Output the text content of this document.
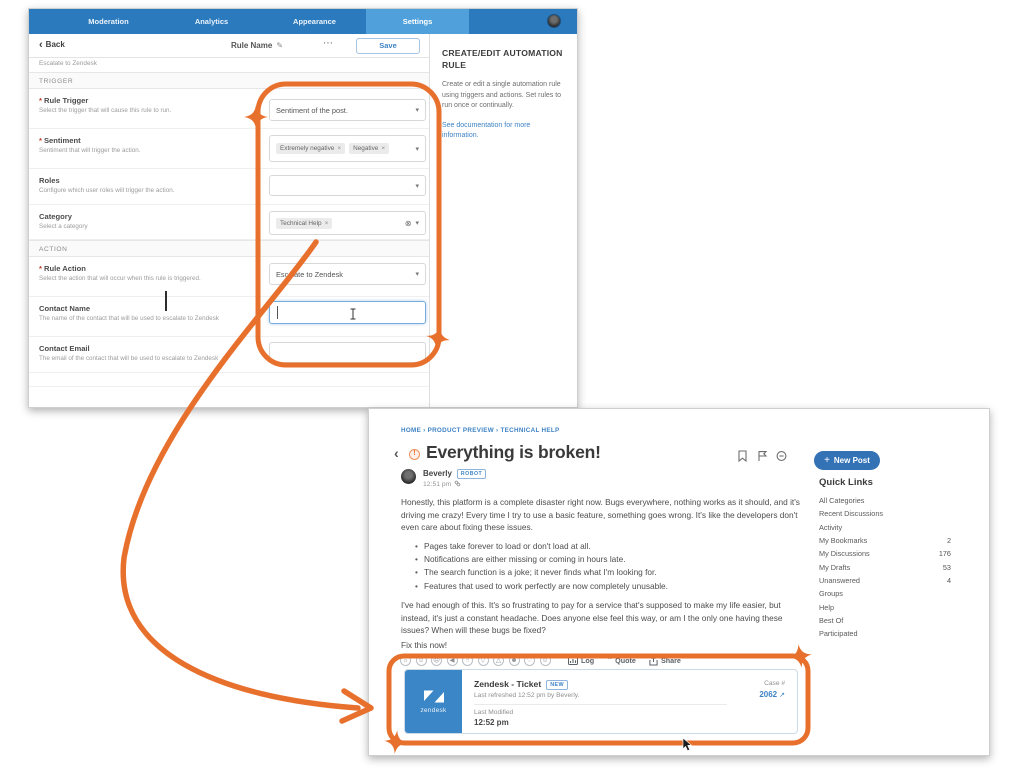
Moderation	Analytics	Appearance	Settings
‹ Back	Rule Name ✎	⋯	Save
Escalate to Zendesk
TRIGGER
* Rule Trigger
Select the trigger that will cause this rule to run.	Sentiment of the post.	▾
* Sentiment
Sentiment that will trigger the action.	Extremely negative ×	Negative ×	▾
Roles
Configure which user roles will trigger the action.
▾
Category
Select a category	Technical Help ×	⊗ ▾
ACTION
* Rule Action
Select the action that will occur when this rule is triggered.	Escalate to Zendesk	▾
Contact Name
The name of the contact that will be used to escalate to Zendesk
Contact Email
The email of the contact that will be used to escalate to Zendesk
CREATE/EDIT AUTOMATION RULE

Create or edit a single automation rule using triggers and actions. Set rules to run once or continually.

See documentation for more information.
HOME › PRODUCT PREVIEW › TECHNICAL HELP
‹	! Everything is broken!
Beverly ROBOT
12:51 pm
Honestly, this platform is a complete disaster right now. Bugs everywhere, nothing works as it should, and it's driving me crazy! Every time I try to use a basic feature, something goes wrong. It's like the developers don't even care about fixing these issues.
• Pages take forever to load or don't load at all.
• Notifications are either missing or coming in hours late.
• The search function is a joke; it never finds what I'm looking for.
• Features that used to work perfectly are now completely unusable.
I've had enough of this. It's so frustrating to pay for a service that's supposed to make my life easier, but instead, it's just a constant headache. Does anyone else feel this way, or am I the only one having these issues? When will these bugs be fixed?
Fix this now!
☼	☺	☹	◀	☝	▽	△	☻	♡	☺	Log “ Quote	Share
zendesk
Zendesk - Ticket NEW
Last refreshed 12:52 pm by Beverly.
Last Modified
12:52 pm
Case #
2062 ↗
+ New Post
Quick Links
All Categories
Recent Discussions
Activity
My Bookmarks	2
My Discussions	176
My Drafts	53
Unanswered	4
Groups
Help
Best Of
Participated
